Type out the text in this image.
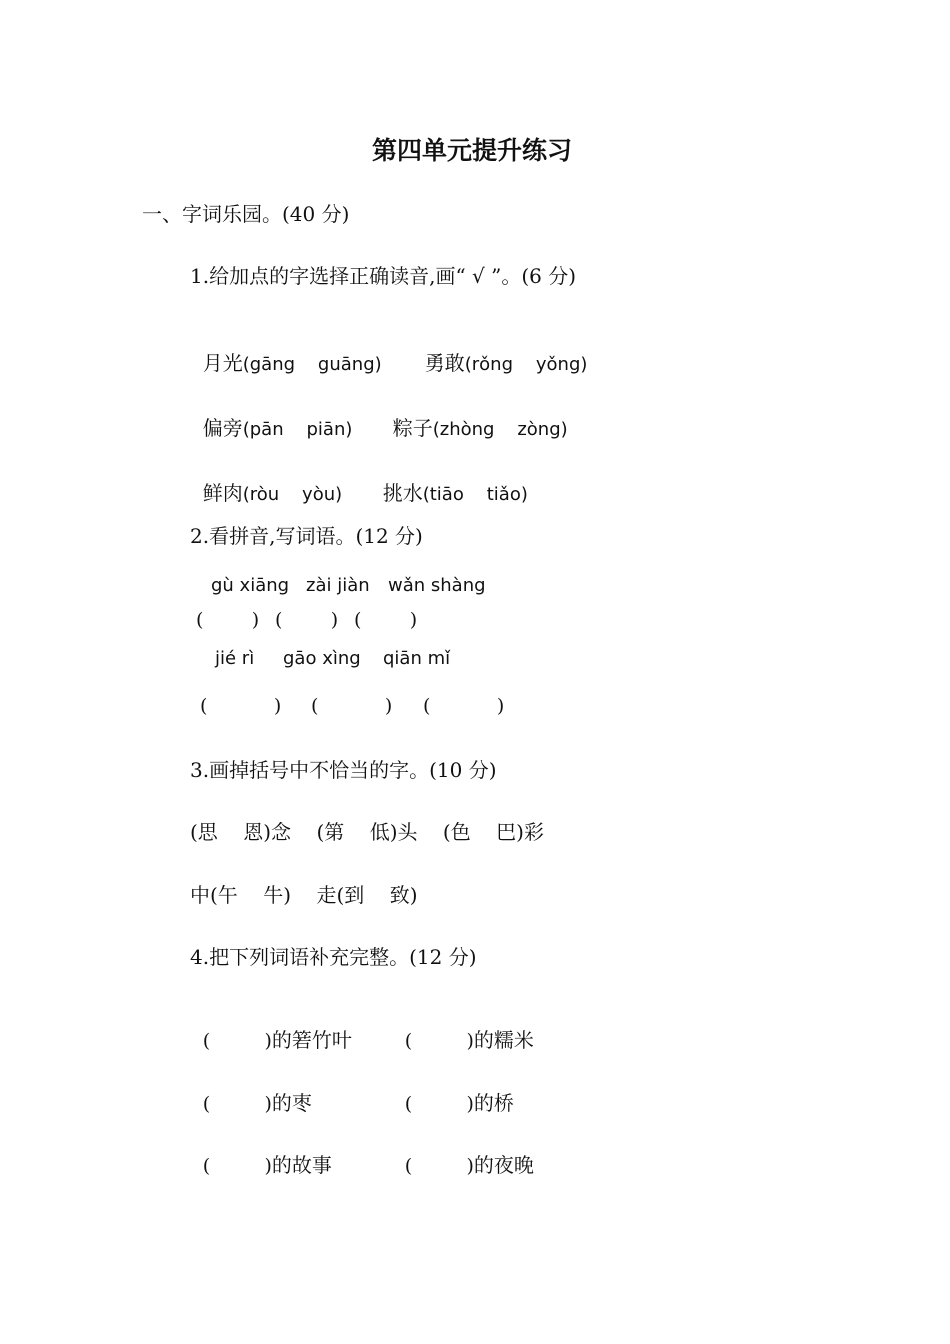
第四单元提升练习
一、字词乐园。(40 分)
1.给加点的字选择正确读音,画“ √ ”。(6 分)

月光(gāng    guāng)	勇敢(rǒng    yǒng)

偏旁(pān    piān)	粽子(zhòng    zòng)

鲜肉(ròu    yòu)	挑水(tiāo    tiǎo)

2.看拼音,写词语。(12 分)
gù xiāng zài jiàn wǎn shàng
(        ) (        ) (        )
jié rì gāo xìng qiān mǐ
(           ) (           ) (           )
3.画掉括号中不恰当的字。(10 分)
(思    恩)念    (第    低)头    (色    巴)彩
中(午    牛)    走(到    致)
4.把下列词语补充完整。(12 分)

(         )的箬竹叶	(         )的糯米

(         )的枣	(         )的桥

(         )的故事	(         )的夜晚
